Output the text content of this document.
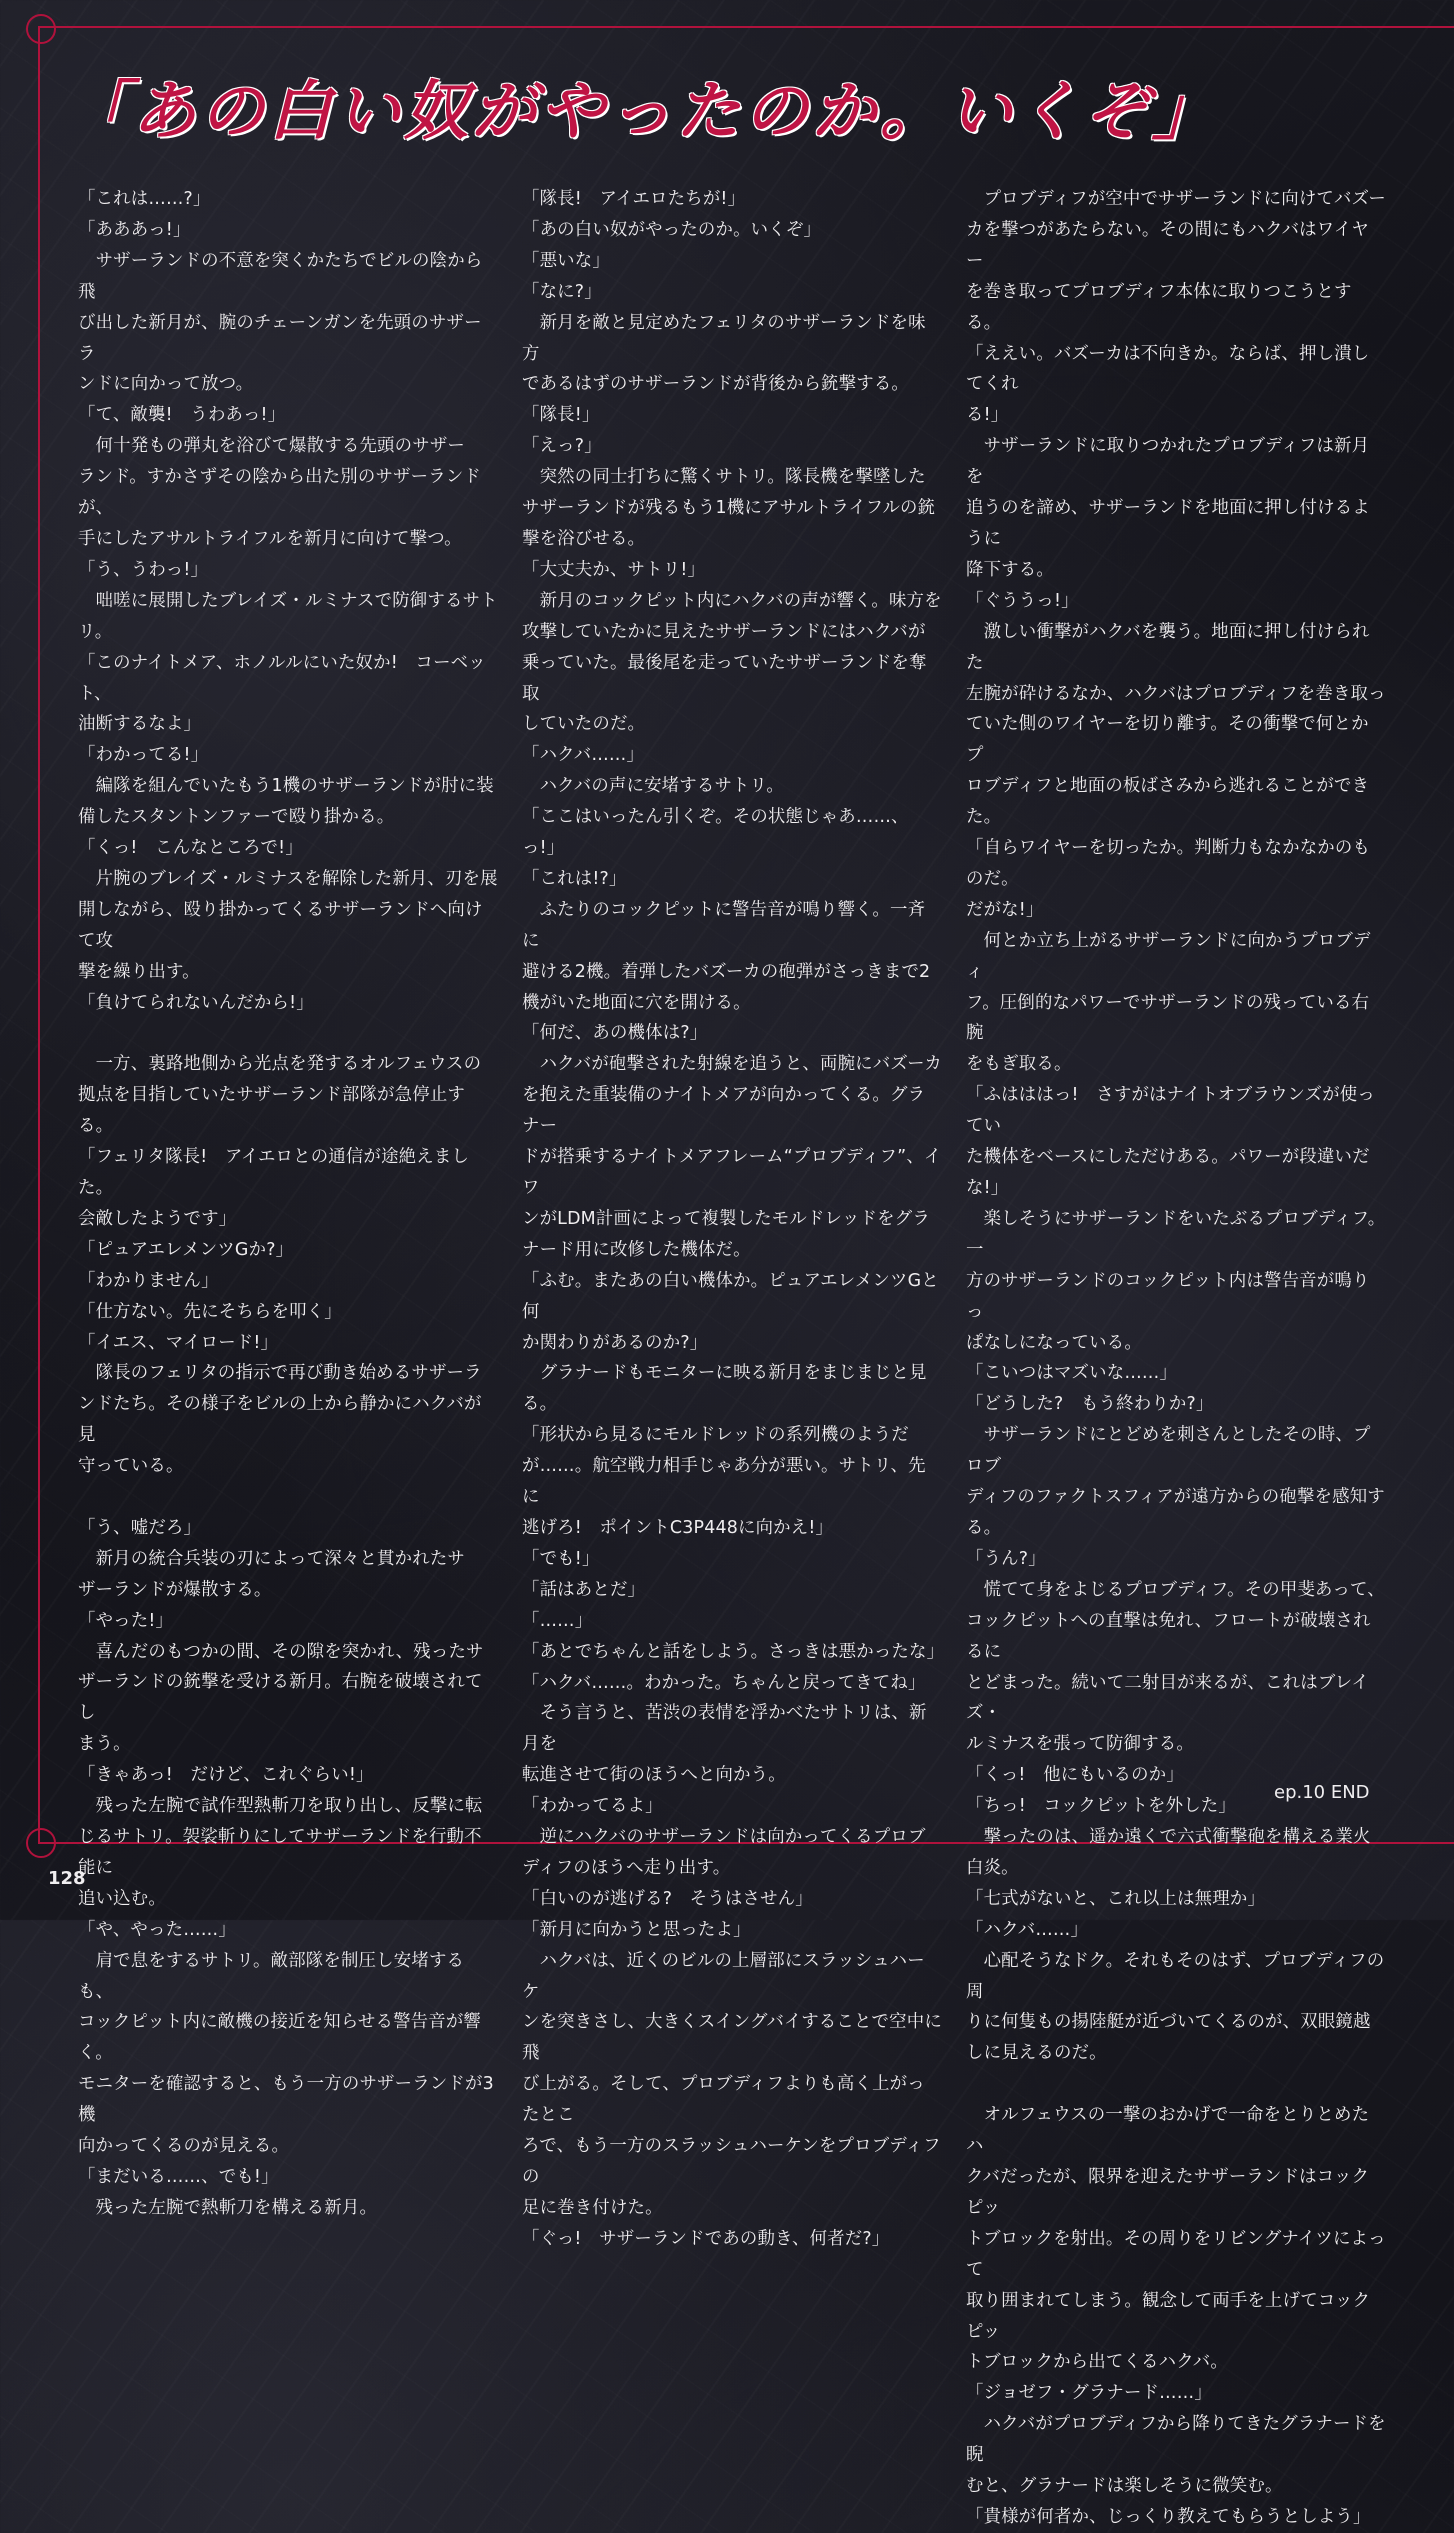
「あの白い奴がやったのか。いくぞ」

「これは……?」

「あああっ!」

　サザーランドの不意を突くかたちでビルの陰から飛

び出した新月が、腕のチェーンガンを先頭のサザーラ

ンドに向かって放つ。

「て、敵襲!　うわあっ!」

　何十発もの弾丸を浴びて爆散する先頭のサザー

ランド。すかさずその陰から出た別のサザーランドが、

手にしたアサルトライフルを新月に向けて撃つ。

「う、うわっ!」

　咄嗟に展開したブレイズ・ルミナスで防御するサト

リ。

「このナイトメア、ホノルルにいた奴か!　コーベット、

油断するなよ」

「わかってる!」

　編隊を組んでいたもう1機のサザーランドが肘に装

備したスタントンファーで殴り掛かる。

「くっ!　こんなところで!」

　片腕のブレイズ・ルミナスを解除した新月、刃を展

開しながら、殴り掛かってくるサザーランドへ向けて攻

撃を繰り出す。

「負けてられないんだから!」

　一方、裏路地側から光点を発するオルフェウスの

拠点を目指していたサザーランド部隊が急停止する。

「フェリタ隊長!　アイエロとの通信が途絶えました。

会敵したようです」

「ピュアエレメンツGか?」

「わかりません」

「仕方ない。先にそちらを叩く」

「イエス、マイロード!」

　隊長のフェリタの指示で再び動き始めるサザーラ

ンドたち。その様子をビルの上から静かにハクバが見

守っている。

「う、嘘だろ」

　新月の統合兵装の刃によって深々と貫かれたサ

ザーランドが爆散する。

「やった!」

　喜んだのもつかの間、その隙を突かれ、残ったサ

ザーランドの銃撃を受ける新月。右腕を破壊されてし

まう。

「きゃあっ!　だけど、これぐらい!」

　残った左腕で試作型熱斬刀を取り出し、反撃に転

じるサトリ。袈裟斬りにしてサザーランドを行動不能に

追い込む。

「や、やった……」

　肩で息をするサトリ。敵部隊を制圧し安堵するも、

コックピット内に敵機の接近を知らせる警告音が響く。

モニターを確認すると、もう一方のサザーランドが3機

向かってくるのが見える。

「まだいる……、でも!」

　残った左腕で熱斬刀を構える新月。

「隊長!　アイエロたちが!」

「あの白い奴がやったのか。いくぞ」

「悪いな」

「なに?」

　新月を敵と見定めたフェリタのサザーランドを味方

であるはずのサザーランドが背後から銃撃する。

「隊長!」

「えっ?」

　突然の同士打ちに驚くサトリ。隊長機を撃墜した

サザーランドが残るもう1機にアサルトライフルの銃

撃を浴びせる。

「大丈夫か、サトリ!」

　新月のコックピット内にハクバの声が響く。味方を

攻撃していたかに見えたサザーランドにはハクバが

乗っていた。最後尾を走っていたサザーランドを奪取

していたのだ。

「ハクバ……」

　ハクバの声に安堵するサトリ。

「ここはいったん引くぞ。その状態じゃあ……、っ!」

「これは!?」

　ふたりのコックピットに警告音が鳴り響く。一斉に

避ける2機。着弾したバズーカの砲弾がさっきまで2

機がいた地面に穴を開ける。

「何だ、あの機体は?」

　ハクバが砲撃された射線を追うと、両腕にバズーカ

を抱えた重装備のナイトメアが向かってくる。グラナー

ドが搭乗するナイトメアフレーム“プロブディフ”、イワ

ンがLDM計画によって複製したモルドレッドをグラ

ナード用に改修した機体だ。

「ふむ。またあの白い機体か。ピュアエレメンツGと何

か関わりがあるのか?」

　グラナードもモニターに映る新月をまじまじと見る。

「形状から見るにモルドレッドの系列機のようだ

が……。航空戦力相手じゃあ分が悪い。サトリ、先に

逃げろ!　ポイントC3P448に向かえ!」

「でも!」

「話はあとだ」

「……」

「あとでちゃんと話をしよう。さっきは悪かったな」

「ハクバ……。わかった。ちゃんと戻ってきてね」

　そう言うと、苦渋の表情を浮かべたサトリは、新月を

転進させて街のほうへと向かう。

「わかってるよ」

　逆にハクバのサザーランドは向かってくるプロブ

ディフのほうへ走り出す。

「白いのが逃げる?　そうはさせん」

「新月に向かうと思ったよ」

　ハクバは、近くのビルの上層部にスラッシュハーケ

ンを突きさし、大きくスイングバイすることで空中に飛

び上がる。そして、プロブディフよりも高く上がったとこ

ろで、もう一方のスラッシュハーケンをプロブディフの

足に巻き付けた。

「ぐっ!　サザーランドであの動き、何者だ?」

　プロブディフが空中でサザーランドに向けてバズー

カを撃つがあたらない。その間にもハクバはワイヤー

を巻き取ってプロブディフ本体に取りつこうとする。

「ええい。バズーカは不向きか。ならば、押し潰してくれ

る!」

　サザーランドに取りつかれたプロブディフは新月を

追うのを諦め、サザーランドを地面に押し付けるように

降下する。

「ぐううっ!」

　激しい衝撃がハクバを襲う。地面に押し付けられた

左腕が砕けるなか、ハクバはプロブディフを巻き取っ

ていた側のワイヤーを切り離す。その衝撃で何とかプ

ロブディフと地面の板ばさみから逃れることができた。

「自らワイヤーを切ったか。判断力もなかなかのものだ。

だがな!」

　何とか立ち上がるサザーランドに向かうプロブディ

フ。圧倒的なパワーでサザーランドの残っている右腕

をもぎ取る。

「ふはははっ!　さすがはナイトオブラウンズが使ってい

た機体をベースにしただけある。パワーが段違いだな!」

　楽しそうにサザーランドをいたぶるプロブディフ。一

方のサザーランドのコックピット内は警告音が鳴りっ

ぱなしになっている。

「こいつはマズいな……」

「どうした?　もう終わりか?」

　サザーランドにとどめを刺さんとしたその時、プロブ

ディフのファクトスフィアが遠方からの砲撃を感知す

る。

「うん?」

　慌てて身をよじるプロブディフ。その甲斐あって、

コックピットへの直撃は免れ、フロートが破壊されるに

とどまった。続いて二射目が来るが、これはブレイズ・

ルミナスを張って防御する。

「くっ!　他にもいるのか」

「ちっ!　コックピットを外した」

　撃ったのは、遥か遠くで六式衝撃砲を構える業火

白炎。

「七式がないと、これ以上は無理か」

「ハクバ……」

　心配そうなドク。それもそのはず、プロブディフの周

りに何隻もの揚陸艇が近づいてくるのが、双眼鏡越

しに見えるのだ。

　オルフェウスの一撃のおかげで一命をとりとめたハ

クバだったが、限界を迎えたサザーランドはコックピッ

トブロックを射出。その周りをリビングナイツによって

取り囲まれてしまう。観念して両手を上げてコックピッ

トブロックから出てくるハクバ。

「ジョゼフ・グラナード……」

　ハクバがプロブディフから降りてきたグラナードを睨

むと、グラナードは楽しそうに微笑む。

「貴様が何者か、じっくり教えてもらうとしよう」

ep.10 END
128
